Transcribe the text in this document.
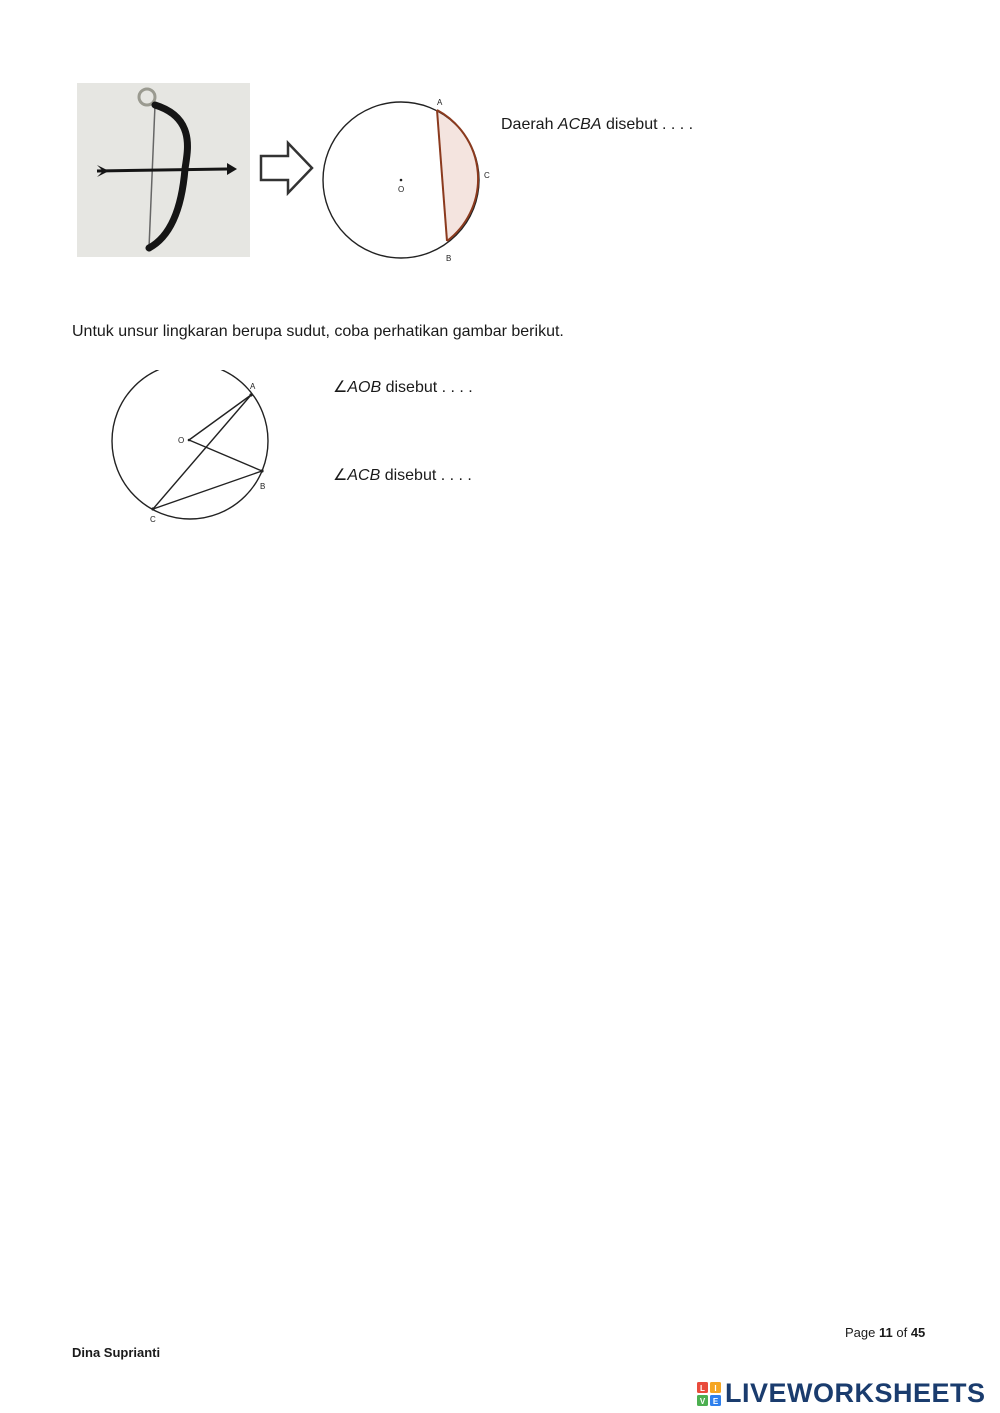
A
B
C
O
Daerah ACBA disebut . . . .
Untuk unsur lingkaran berupa sudut, coba perhatikan gambar berikut.
A
B
C
O
∠AOB disebut . . . .
∠ACB disebut . . . .
Page 11 of 45
Dina Suprianti
L I
V E LIVEWORKSHEETS
